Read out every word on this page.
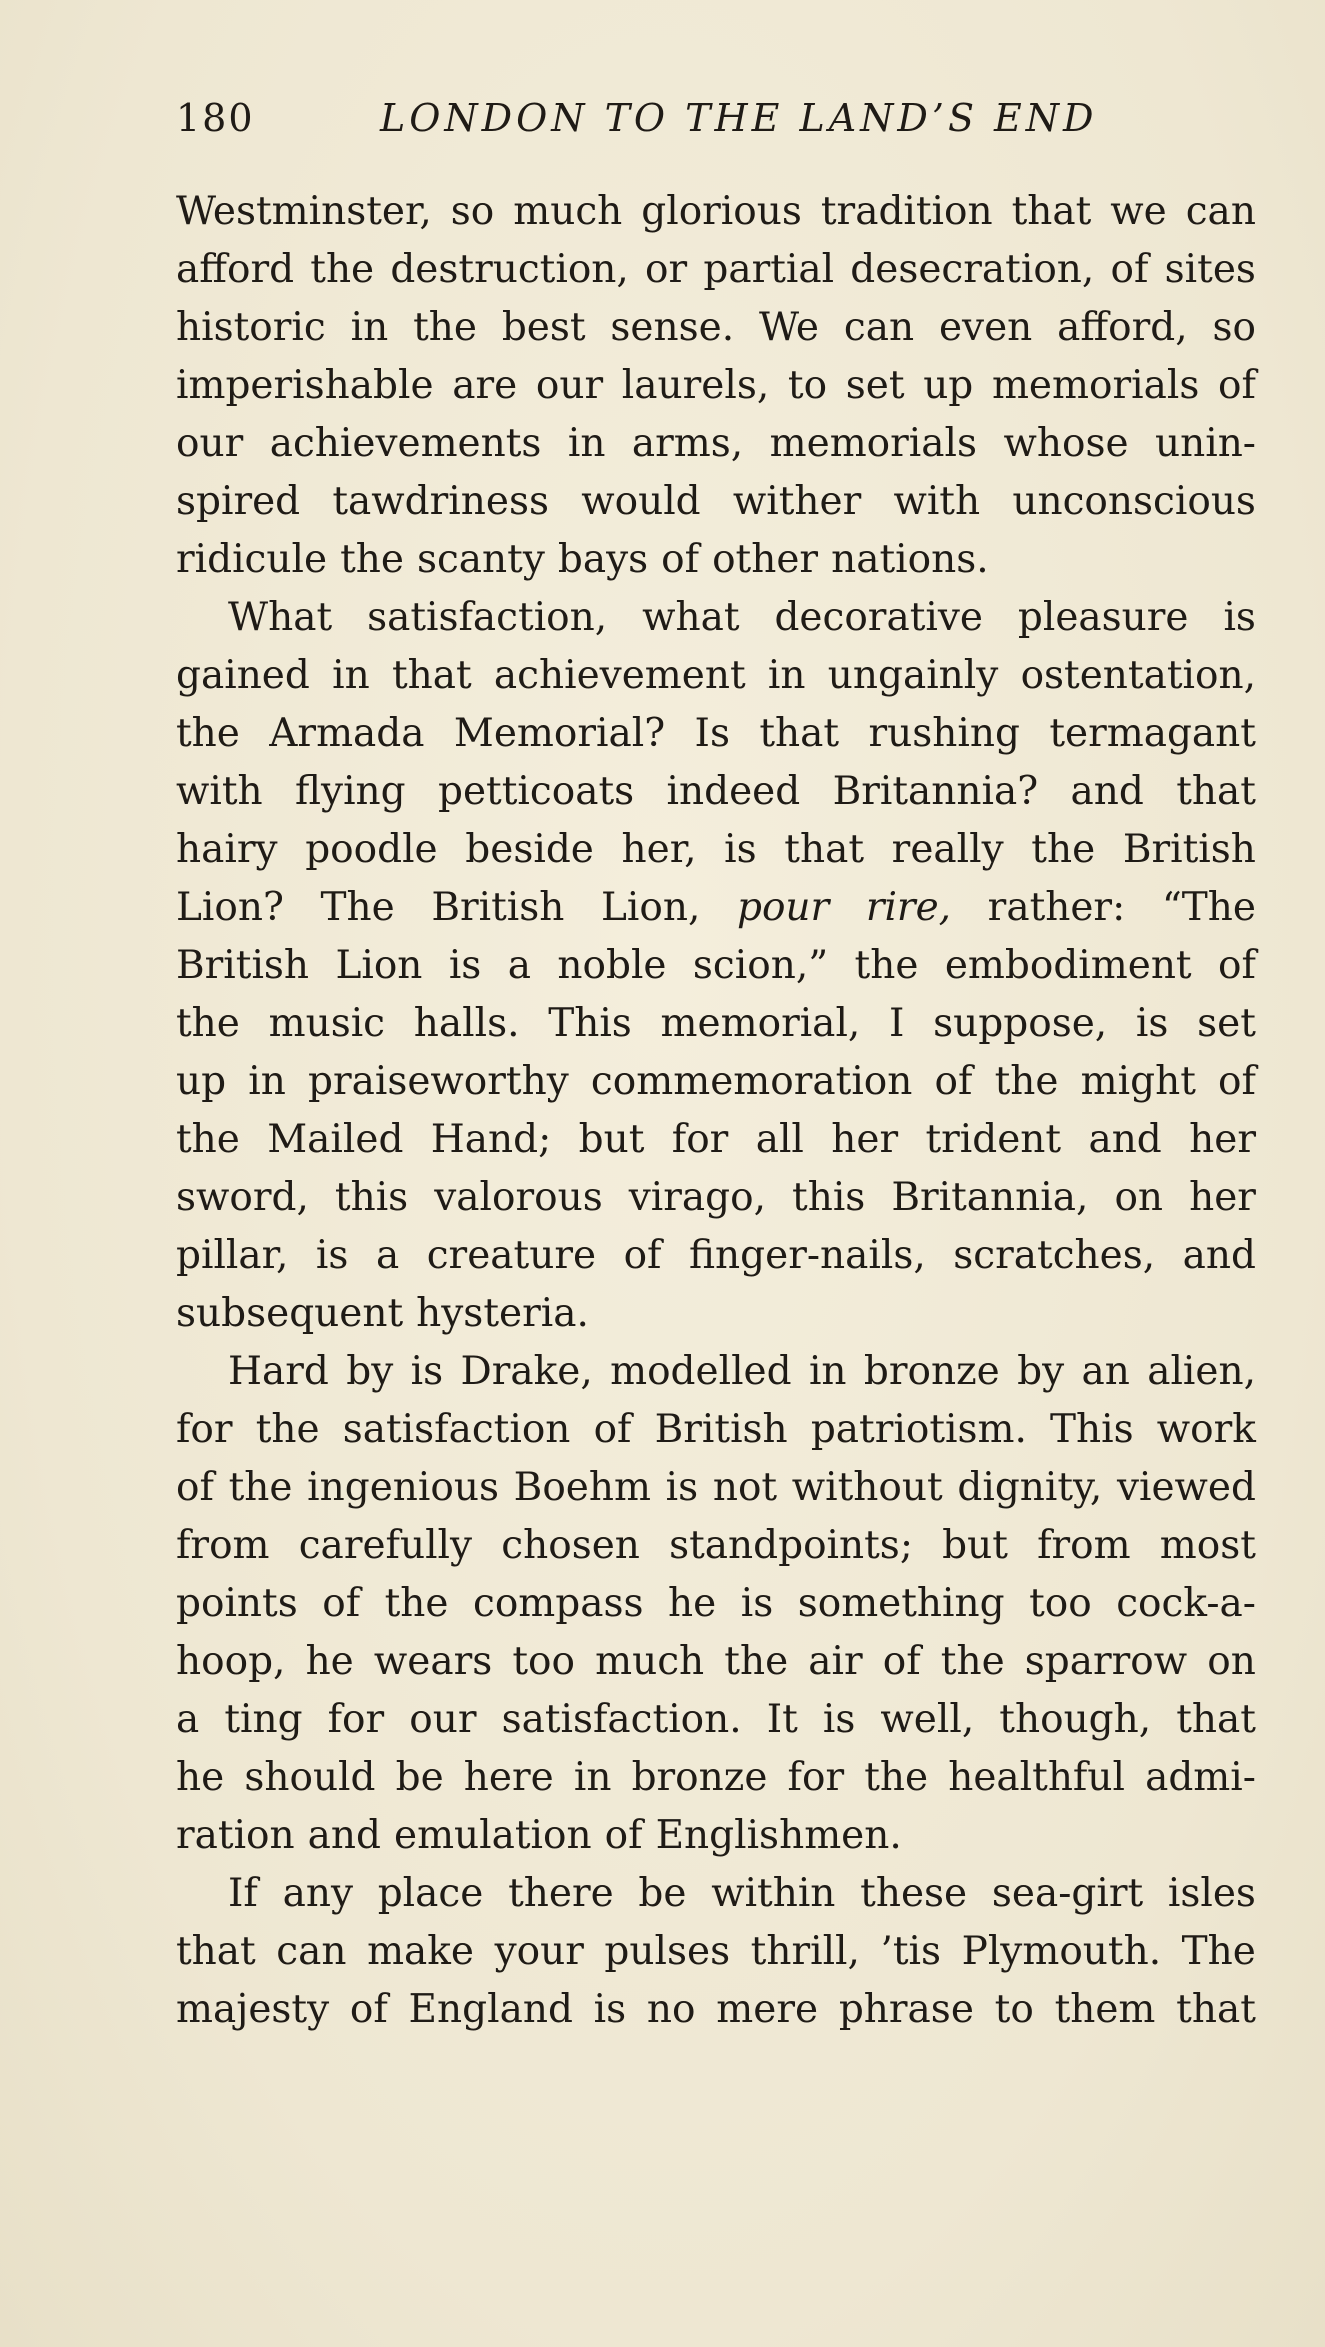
180	LONDON TO THE LAND’S END
Westminster, so much glorious tradition that we can
afford the destruction, or partial desecration, of sites
historic in the best sense. We can even afford, so
imperishable are our laurels, to set up memorials of
our achievements in arms, memorials whose unin-
spired tawdriness would wither with unconscious
ridicule the scanty bays of other nations.
What satisfaction, what decorative pleasure is
gained in that achievement in ungainly ostentation,
the Armada Memorial? Is that rushing termagant
with flying petticoats indeed Britannia? and that
hairy poodle beside her, is that really the British
Lion? The British Lion, pour rire, rather: “The
British Lion is a noble scion,” the embodiment of
the music halls. This memorial, I suppose, is set
up in praiseworthy commemoration of the might of
the Mailed Hand; but for all her trident and her
sword, this valorous virago, this Britannia, on her
pillar, is a creature of finger-nails, scratches, and
subsequent hysteria.
Hard by is Drake, modelled in bronze by an alien,
for the satisfaction of British patriotism. This work
of the ingenious Boehm is not without dignity, viewed
from carefully chosen standpoints; but from most
points of the compass he is something too cock-a-
hoop, he wears too much the air of the sparrow on
a ting for our satisfaction. It is well, though, that
he should be here in bronze for the healthful admi-
ration and emulation of Englishmen.
If any place there be within these sea-girt isles
that can make your pulses thrill, ’tis Plymouth. The
majesty of England is no mere phrase to them that
